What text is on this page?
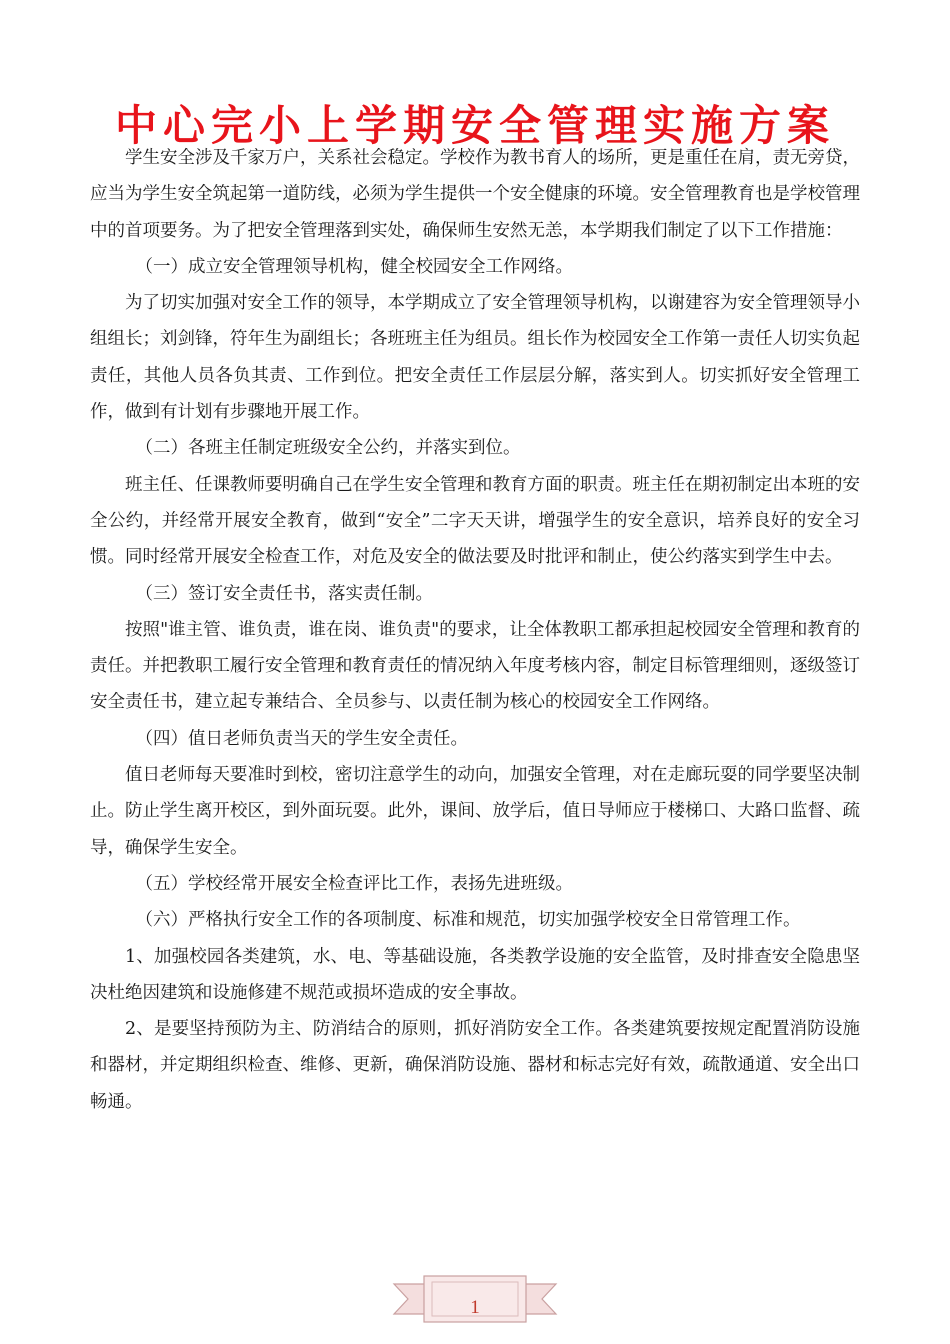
中心完小上学期安全管理实施方案

学生安全涉及千家万户，关系社会稳定。学校作为教书育人的场所，更是重任在肩，责无旁贷，应当为学生安全筑起第一道防线，必须为学生提供一个安全健康的环境。安全管理教育也是学校管理中的首项要务。为了把安全管理落到实处，确保师生安然无恙，本学期我们制定了以下工作措施：

（一）成立安全管理领导机构，健全校园安全工作网络。

为了切实加强对安全工作的领导，本学期成立了安全管理领导机构，以谢建容为安全管理领导小组组长；刘剑锋，符年生为副组长；各班班主任为组员。组长作为校园安全工作第一责任人切实负起责任，其他人员各负其责、工作到位。把安全责任工作层层分解，落实到人。切实抓好安全管理工作，做到有计划有步骤地开展工作。

（二）各班主任制定班级安全公约，并落实到位。

班主任、任课教师要明确自己在学生安全管理和教育方面的职责。班主任在期初制定出本班的安全公约，并经常开展安全教育，做到“安全”二字天天讲，增强学生的安全意识，培养良好的安全习惯。同时经常开展安全检查工作，对危及安全的做法要及时批评和制止，使公约落实到学生中去。

（三）签订安全责任书，落实责任制。

按照"谁主管、谁负责，谁在岗、谁负责"的要求，让全体教职工都承担起校园安全管理和教育的责任。并把教职工履行安全管理和教育责任的情况纳入年度考核内容，制定目标管理细则，逐级签订安全责任书，建立起专兼结合、全员参与、以责任制为核心的校园安全工作网络。

（四）值日老师负责当天的学生安全责任。

值日老师每天要准时到校，密切注意学生的动向，加强安全管理，对在走廊玩耍的同学要坚决制止。防止学生离开校区，到外面玩耍。此外，课间、放学后，值日导师应于楼梯口、大路口监督、疏导，确保学生安全。

（五）学校经常开展安全检查评比工作，表扬先进班级。

（六）严格执行安全工作的各项制度、标准和规范，切实加强学校安全日常管理工作。

1、加强校园各类建筑，水、电、等基础设施，各类教学设施的安全监管，及时排查安全隐患坚决杜绝因建筑和设施修建不规范或损坏造成的安全事故。

2、是要坚持预防为主、防消结合的原则，抓好消防安全工作。各类建筑要按规定配置消防设施和器材，并定期组织检查、维修、更新，确保消防设施、器材和标志完好有效，疏散通道、安全出口畅通。

1
